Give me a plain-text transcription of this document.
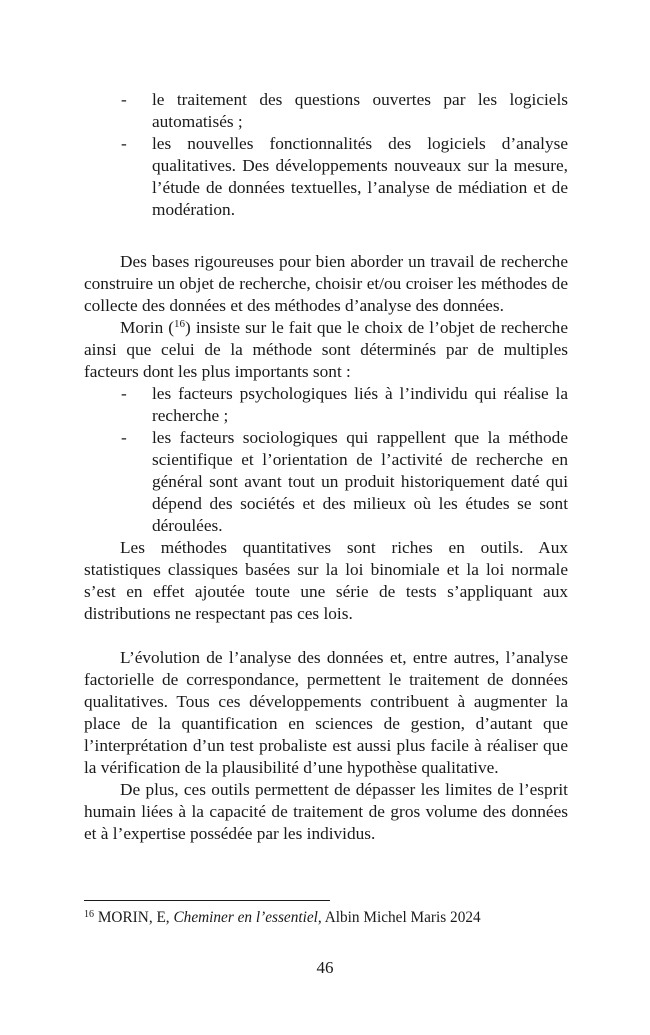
- le traitement des questions ouvertes par les logiciels automatisés ;
- les nouvelles fonctionnalités des logiciels d’analyse qualitatives. Des développements nouveaux sur la mesure, l’étude de données textuelles, l’analyse de médiation et de modération.

Des bases rigoureuses pour bien aborder un travail de recherche construire un objet de recherche, choisir et/ou croiser les méthodes de collecte des données et des méthodes d’analyse des données.

Morin ($^{16}$) insiste sur le fait que le choix de l’objet de recherche ainsi que celui de la méthode sont déterminés par de multiples facteurs dont les plus importants sont :

- les facteurs psychologiques liés à l’individu qui réalise la recherche ;
- les facteurs sociologiques qui rappellent que la méthode scientifique et l’orientation de l’activité de recherche en général sont avant tout un produit historiquement daté qui dépend des sociétés et des milieux où les études se sont déroulées.

Les méthodes quantitatives sont riches en outils. Aux statistiques classiques basées sur la loi binomiale et la loi normale s’est en effet ajoutée toute une série de tests s’appliquant aux distributions ne respectant pas ces lois.

L’évolution de l’analyse des données et, entre autres, l’analyse factorielle de correspondance, permettent le traitement de données qualitatives. Tous ces développements contribuent à augmenter la place de la quantification en sciences de gestion, d’autant que l’interprétation d’un test probaliste est aussi plus facile à réaliser que la vérification de la plausibilité d’une hypothèse qualitative.

De plus, ces outils permettent de dépasser les limites de l’esprit humain liées à la capacité de traitement de gros volume des données et à l’expertise possédée par les individus.

$^{16}$ MORIN, E, Cheminer en l’essentiel, Albin Michel Maris 2024
46
